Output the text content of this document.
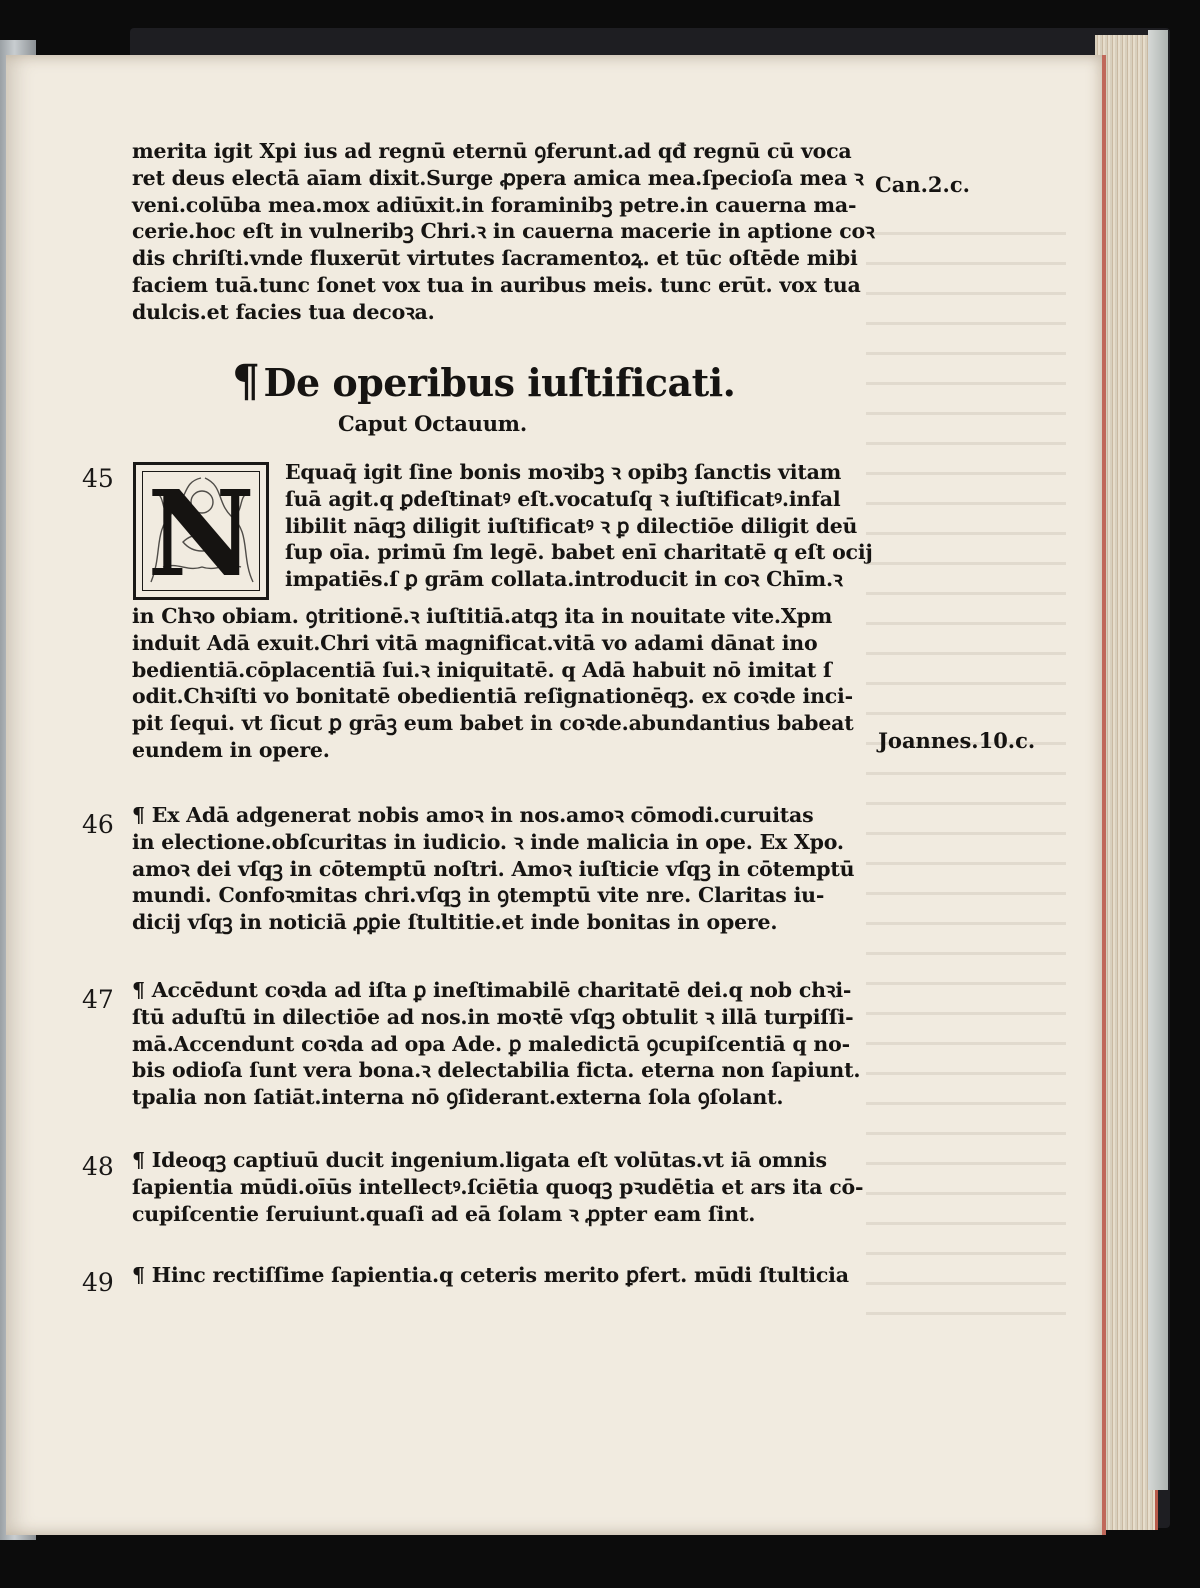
merita igit Xpi ius ad regnū eternū ꝯferunt.ad qđ regnū cū voca
ret deus electā aīam dixit.Surge ꝓpera amica mea.ſpecioſa mea ꝛ
veni.colūba mea.mox adiūxit.in foraminibꝫ petre.in cauerna ma-
cerie.hoc eſt in vulneribꝫ Chri.ꝛ in cauerna macerie in aptione coꝛ
dis chriſti.vnde fluxerūt virtutes ſacramentoꝝ. et tūc oſtēde mibi
faciem tuā.tunc ſonet vox tua in auribus meis. tunc erūt. vox tua
dulcis.et facies tua decoꝛa.
Can.2.c.
¶ De operibus iuſtificati.
Caput Octauum.
45 N Equaq̄ igit ſine bonis moꝛibꝫ ꝛ opibꝫ ſanctis vitam
ſuā agit.q ꝑdeſtinatꝰ eſt.vocatuſq ꝛ iuſtificatꝰ.infal
libilit nāqꝫ diligit iuſtificatꝰ ꝛ ꝑ dilectiōe diligit deū
ſup oīa. primū ſm legē. babet enī charitatē q eſt ocij
impatiēs.ſ ꝑ grām collata.introducit in coꝛ Chīm.ꝛ
in Chꝛo obiam. ꝯtritionē.ꝛ iuſtitiā.atqꝫ ita in nouitate vite.Xpm
induit Adā exuit.Chri vitā magnificat.vitā vo adami dānat ino
bedientiā.cōplacentiā ſui.ꝛ iniquitatē. q Adā habuit nō imitat ſ
odit.Chꝛiſti vo bonitatē obedientiā reſignationēqꝫ. ex coꝛde inci-
pit ſequi. vt ſicut ꝑ grāꝫ eum babet in coꝛde.abundantius babeat
eundem in opere.	Joannes.10.c.
46 ¶ Ex Adā adgenerat nobis amoꝛ in nos.amoꝛ cōmodi.curuitas
in electione.obſcuritas in iudicio. ꝛ inde malicia in ope. Ex Xpo.
amoꝛ dei vſqꝫ in cōtemptū noſtri. Amoꝛ iuſticie vſqꝫ in cōtemptū
mundi. Confoꝛmitas chri.vſqꝫ in ꝯtemptū vite nre. Claritas iu-
dicij vſqꝫ in noticiā ꝓꝑie ſtultitie.et inde bonitas in opere.
47 ¶ Accēdunt coꝛda ad iſta ꝑ ineſtimabilē charitatē dei.q nob chꝛi-
ſtū aduſtū in dilectiōe ad nos.in moꝛtē vſqꝫ obtulit ꝛ illā turpiſſi-
mā.Accendunt coꝛda ad opa Ade. ꝑ maledictā ꝯcupiſcentiā q no-
bis odioſa ſunt vera bona.ꝛ delectabilia ficta. eterna non ſapiunt.
tpalia non ſatiāt.interna nō ꝯſiderant.externa ſola ꝯſolant.
48 ¶ Ideoqꝫ captiuū ducit ingenium.ligata eſt volūtas.vt iā omnis
ſapientia mūdi.oīūs intellectꝰ.ſciētia quoqꝫ pꝛudētia et ars ita cō-
cupiſcentie ſeruiunt.quaſi ad eā ſolam ꝛ ꝓpter eam ſint.
49 ¶ Hinc rectiſſime ſapientia.q ceteris merito ꝑfert. mūdi ſtulticia
